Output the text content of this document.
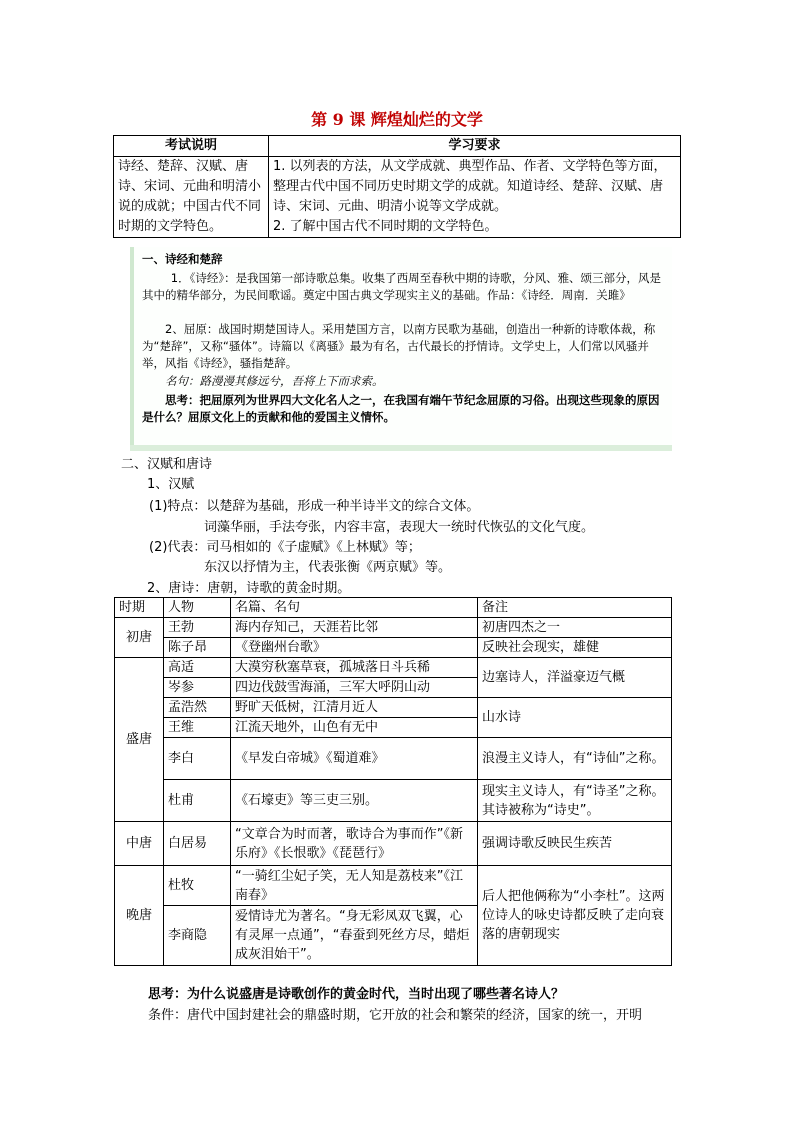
第 9 课 辉煌灿烂的文学
考试说明	学习要求
诗经、楚辞、汉赋、唐诗、宋词、元曲和明清小说的成就；中国古代不同时期的文学特色。	1. 以列表的方法，从文学成就、典型作品、作者、文学特色等方面，整理古代中国不同历史时期文学的成就。知道诗经、楚辞、汉赋、唐诗、宋词、元曲、明清小说等文学成就。
2. 了解中国古代不同时期的文学特色。

一、诗经和楚辞

1．《诗经》：是我国第一部诗歌总集。收集了西周至春秋中期的诗歌，分风、雅、颂三部分，风是其中的精华部分，为民间歌谣。奠定中国古典文学现实主义的基础。作品：《诗经．周南．关雎》

2、屈原：战国时期楚国诗人。采用楚国方言，以南方民歌为基础，创造出一种新的诗歌体裁，称为“楚辞”，又称“骚体”。诗篇以《离骚》最为有名，古代最长的抒情诗。文学史上，人们常以风骚并举，风指《诗经》，骚指楚辞。

名句：路漫漫其修远兮，吾将上下而求索。

思考：把屈原列为世界四大文化名人之一，在我国有端午节纪念屈原的习俗。出现这些现象的原因是什么？屈原文化上的贡献和他的爱国主义情怀。

二、汉赋和唐诗
1、汉赋
(1)特点：以楚辞为基础，形成一种半诗半文的综合文体。
词藻华丽，手法夸张，内容丰富，表现大一统时代恢弘的文化气度。
(2)代表：司马相如的《子虚赋》《上林赋》等；
东汉以抒情为主，代表张衡《两京赋》等。
2、唐诗：唐朝，诗歌的黄金时期。
时期	人物	名篇、名句	备注
初唐	王勃	海内存知己，天涯若比邻	初唐四杰之一
	陈子昂	《登幽州台歌》	反映社会现实，雄健
盛唐	高适	大漠穷秋塞草衰，孤城落日斗兵稀	边塞诗人，洋溢豪迈气概
	岑参	四边伐鼓雪海涌，三军大呼阴山动	
	孟浩然	野旷天低树，江清月近人	山水诗
	王维	江流天地外，山色有无中	
	李白	《早发白帝城》《蜀道难》	浪漫主义诗人，有“诗仙”之称。
	杜甫	《石壕吏》等三吏三别。	现实主义诗人，有“诗圣”之称。其诗被称为“诗史”。
中唐	白居易	“文章合为时而著，歌诗合为事而作”《新乐府》《长恨歌》《琵琶行》	强调诗歌反映民生疾苦
晚唐	杜牧	“一骑红尘妃子笑，无人知是荔枝来”《江南春》	后人把他俩称为“小李杜”。这两位诗人的咏史诗都反映了走向衰落的唐朝现实
	李商隐	爱情诗尤为著名。“身无彩凤双飞翼，心有灵犀一点通”，“春蚕到死丝方尽，蜡炬成灰泪始干”。	
思考：为什么说盛唐是诗歌创作的黄金时代，当时出现了哪些著名诗人？
条件：唐代中国封建社会的鼎盛时期，它开放的社会和繁荣的经济，国家的统一，开明
